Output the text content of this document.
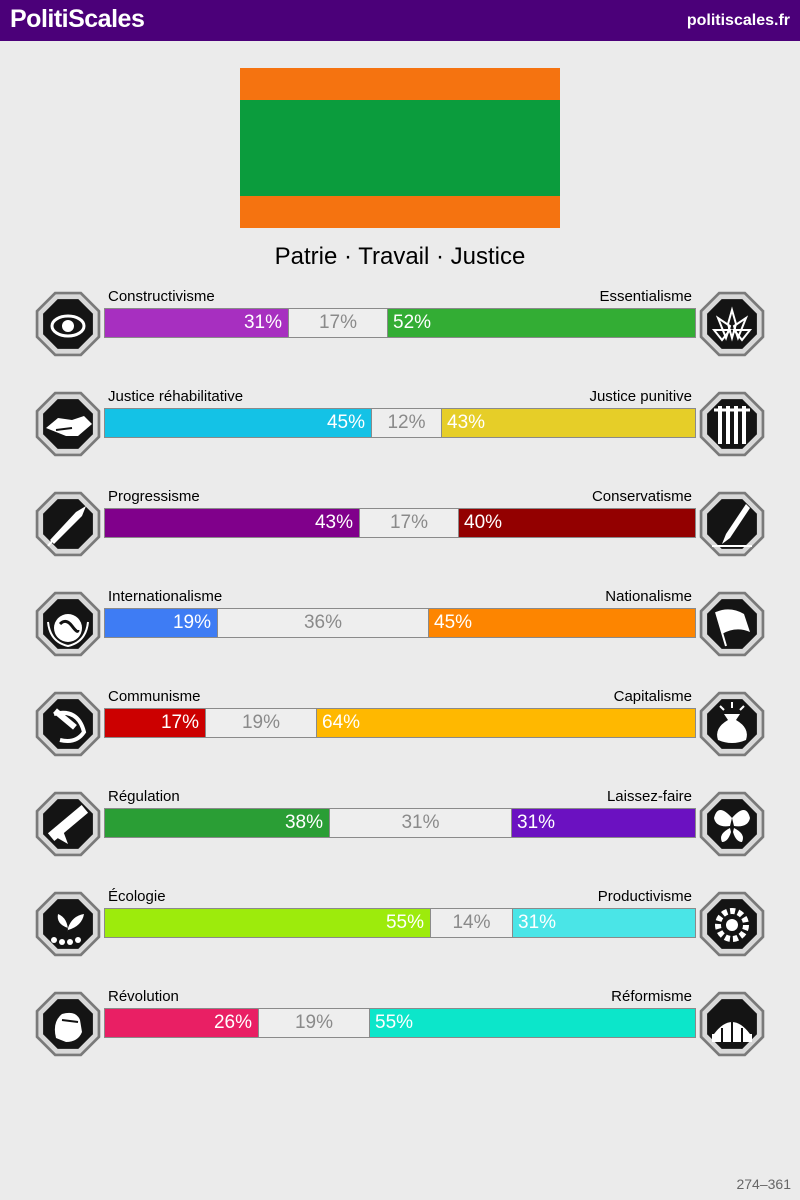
PolitiScales	politiscales.fr
Patrie · Travail · Justice
Constructivisme	Essentialisme
31%	17%	52%
Justice réhabilitative	Justice punitive
45%	12%	43%
Progressisme	Conservatisme
43%	17%	40%
Internationalisme	Nationalisme
19%	36%	45%
Communisme	Capitalisme
17%	19%	64%
Régulation	Laissez-faire
38%	31%	31%
Écologie	Productivisme
55%	14%	31%
Révolution	Réformisme
26%	19%	55%
274–361
